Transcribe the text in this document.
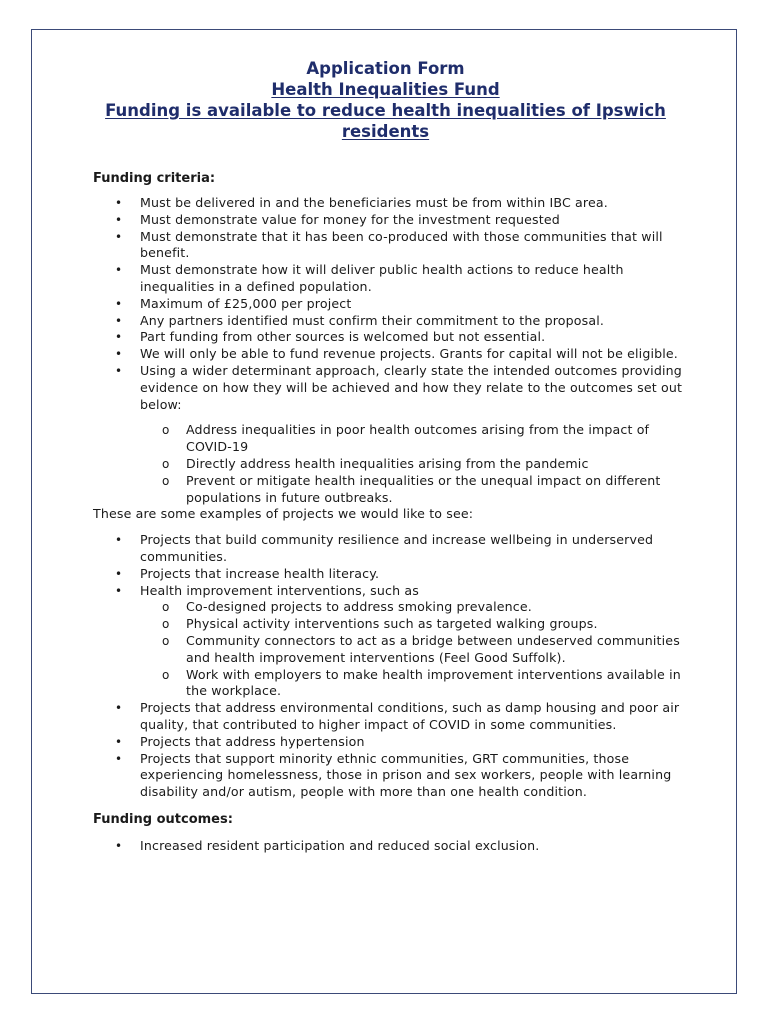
Application Form
Health Inequalities Fund
Funding is available to reduce health inequalities of Ipswich residents

Funding criteria:

• Must be delivered in and the beneficiaries must be from within IBC area.
• Must demonstrate value for money for the investment requested
• Must demonstrate that it has been co-produced with those communities that will benefit.
• Must demonstrate how it will deliver public health actions to reduce health inequalities in a defined population.
• Maximum of £25,000 per project
• Any partners identified must confirm their commitment to the proposal.
• Part funding from other sources is welcomed but not essential.
• We will only be able to fund revenue projects. Grants for capital will not be eligible.
• Using a wider determinant approach, clearly state the intended outcomes providing evidence on how they will be achieved and how they relate to the outcomes set out below:
o Address inequalities in poor health outcomes arising from the impact of COVID-19
o Directly address health inequalities arising from the pandemic
o Prevent or mitigate health inequalities or the unequal impact on different populations in future outbreaks.

These are some examples of projects we would like to see:

• Projects that build community resilience and increase wellbeing in underserved communities.
• Projects that increase health literacy.
• Health improvement interventions, such as
o Co-designed projects to address smoking prevalence.
o Physical activity interventions such as targeted walking groups.
o Community connectors to act as a bridge between undeserved communities and health improvement interventions (Feel Good Suffolk).
o Work with employers to make health improvement interventions available in the workplace.
• Projects that address environmental conditions, such as damp housing and poor air quality, that contributed to higher impact of COVID in some communities.
• Projects that address hypertension
• Projects that support minority ethnic communities, GRT communities, those experiencing homelessness, those in prison and sex workers, people with learning disability and/or autism, people with more than one health condition.

Funding outcomes:

• Increased resident participation and reduced social exclusion.
